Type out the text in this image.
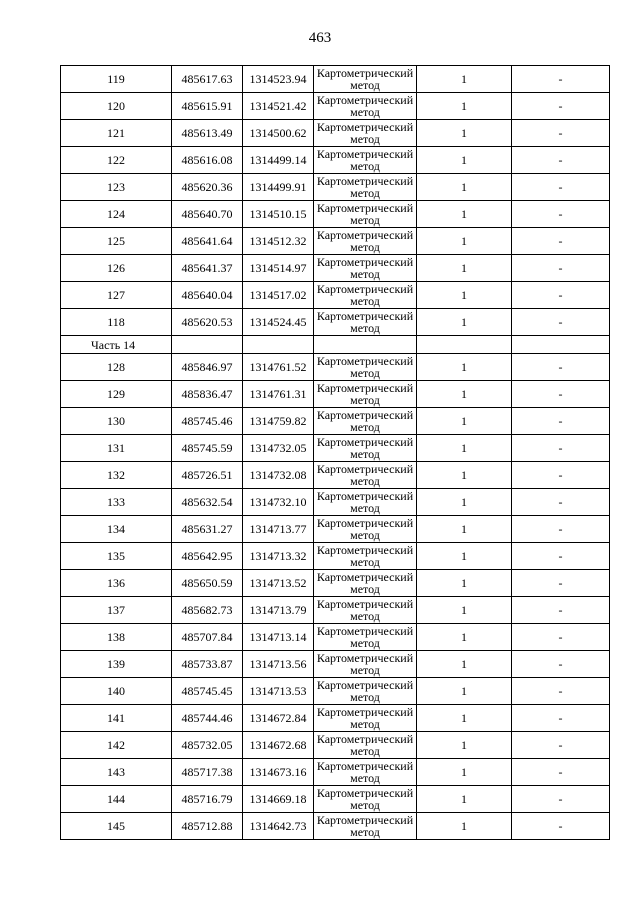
463
119	485617.63	1314523.94	Картометрический
метод	1	-
120	485615.91	1314521.42	Картометрический
метод	1	-
121	485613.49	1314500.62	Картометрический
метод	1	-
122	485616.08	1314499.14	Картометрический
метод	1	-
123	485620.36	1314499.91	Картометрический
метод	1	-
124	485640.70	1314510.15	Картометрический
метод	1	-
125	485641.64	1314512.32	Картометрический
метод	1	-
126	485641.37	1314514.97	Картометрический
метод	1	-
127	485640.04	1314517.02	Картометрический
метод	1	-
118	485620.53	1314524.45	Картометрический
метод	1	-
Часть 14					
128	485846.97	1314761.52	Картометрический
метод	1	-
129	485836.47	1314761.31	Картометрический
метод	1	-
130	485745.46	1314759.82	Картометрический
метод	1	-
131	485745.59	1314732.05	Картометрический
метод	1	-
132	485726.51	1314732.08	Картометрический
метод	1	-
133	485632.54	1314732.10	Картометрический
метод	1	-
134	485631.27	1314713.77	Картометрический
метод	1	-
135	485642.95	1314713.32	Картометрический
метод	1	-
136	485650.59	1314713.52	Картометрический
метод	1	-
137	485682.73	1314713.79	Картометрический
метод	1	-
138	485707.84	1314713.14	Картометрический
метод	1	-
139	485733.87	1314713.56	Картометрический
метод	1	-
140	485745.45	1314713.53	Картометрический
метод	1	-
141	485744.46	1314672.84	Картометрический
метод	1	-
142	485732.05	1314672.68	Картометрический
метод	1	-
143	485717.38	1314673.16	Картометрический
метод	1	-
144	485716.79	1314669.18	Картометрический
метод	1	-
145	485712.88	1314642.73	Картометрический
метод	1	-
